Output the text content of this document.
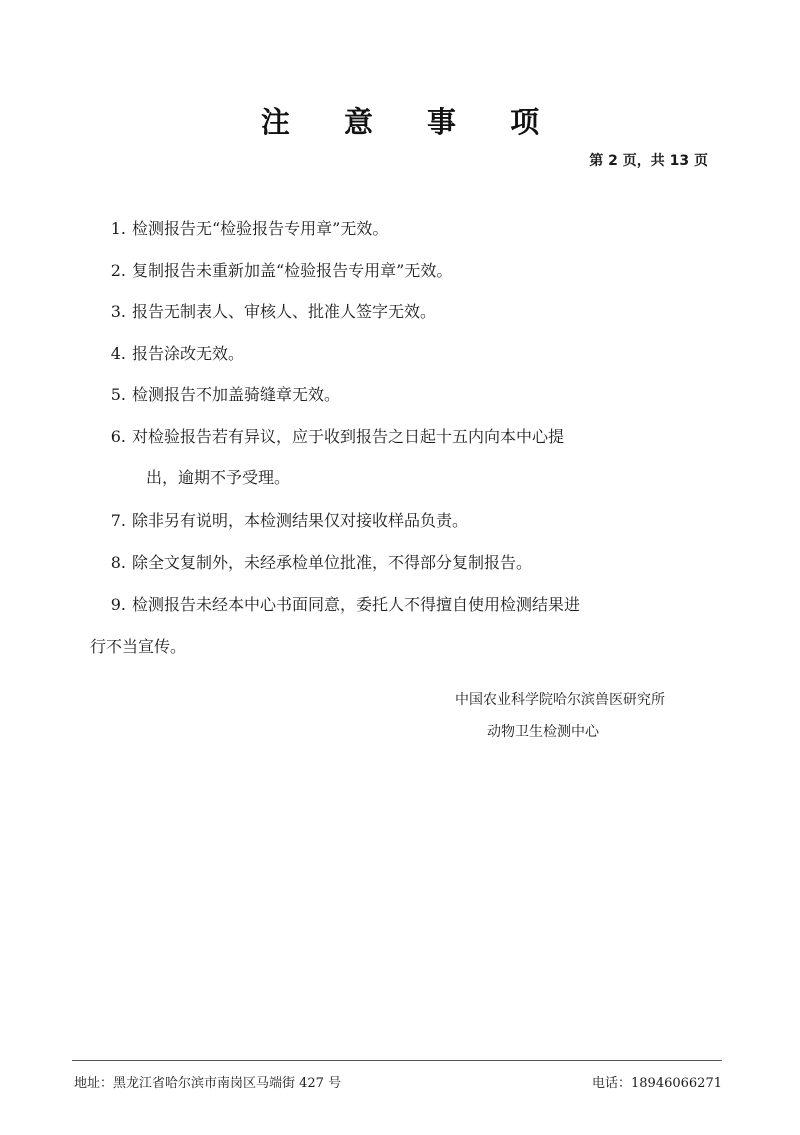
注 意 事 项
第 2 页，共 13 页
1. 检测报告无“检验报告专用章”无效。
2. 复制报告未重新加盖“检验报告专用章”无效。
3. 报告无制表人、审核人、批准人签字无效。
4. 报告涂改无效。
5. 检测报告不加盖骑缝章无效。
6. 对检验报告若有异议，应于收到报告之日起十五内向本中心提
出，逾期不予受理。
7. 除非另有说明，本检测结果仅对接收样品负责。
8. 除全文复制外，未经承检单位批准，不得部分复制报告。
9. 检测报告未经本中心书面同意，委托人不得擅自使用检测结果进
行不当宣传。
中国农业科学院哈尔滨兽医研究所
动物卫生检测中心
地址：黑龙江省哈尔滨市南岗区马端街 427 号	电话：18946066271
